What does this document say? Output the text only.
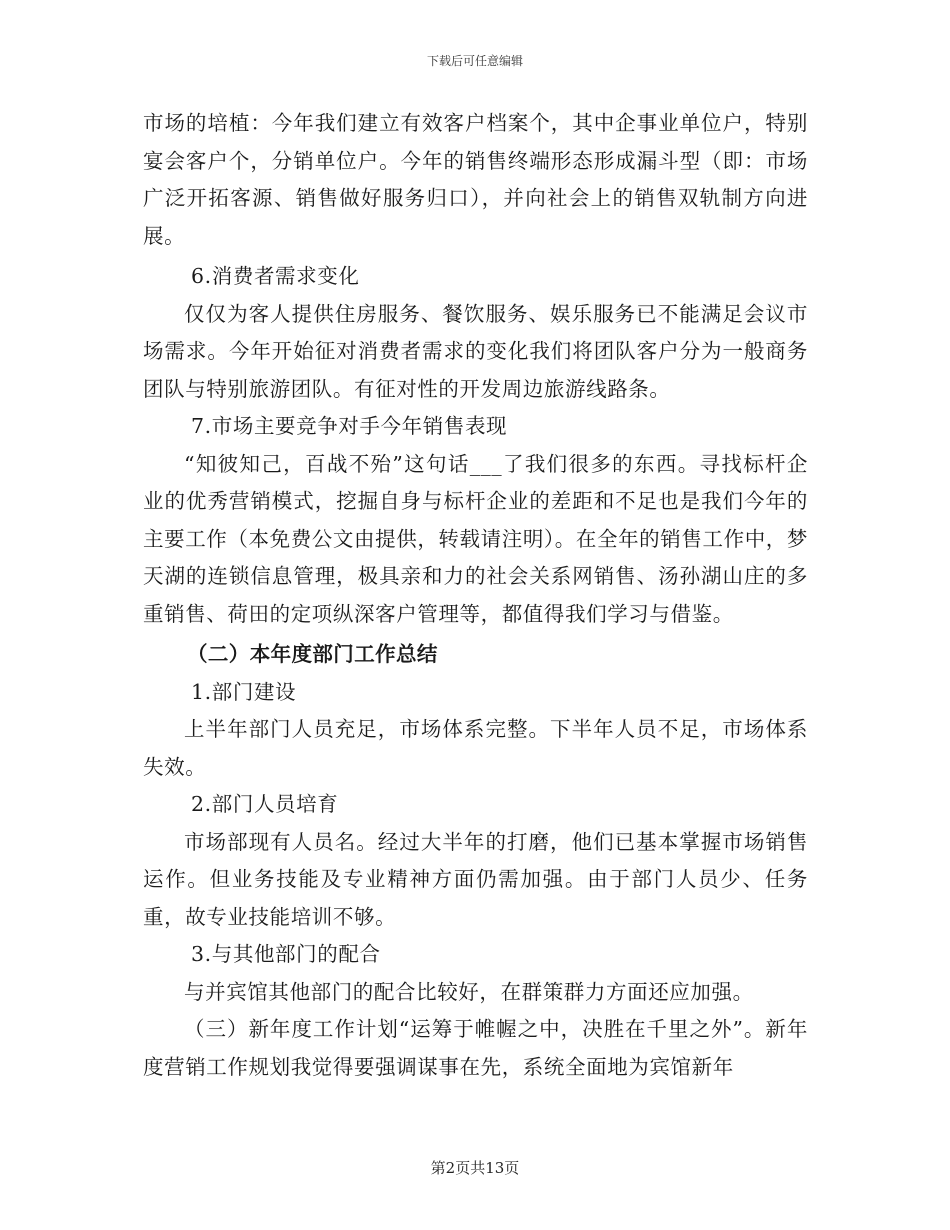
下载后可任意编辑

市场的培植：今年我们建立有效客户档案个，其中企事业单位户，特别宴会客户个，分销单位户。今年的销售终端形态形成漏斗型（即：市场广泛开拓客源、销售做好服务归口），并向社会上的销售双轨制方向进展。

6.消费者需求变化

仅仅为客人提供住房服务、餐饮服务、娱乐服务已不能满足会议市场需求。今年开始征对消费者需求的变化我们将团队客户分为一般商务团队与特别旅游团队。有征对性的开发周边旅游线路条。

7.市场主要竞争对手今年销售表现

“知彼知己，百战不殆”这句话___了我们很多的东西。寻找标杆企业的优秀营销模式，挖掘自身与标杆企业的差距和不足也是我们今年的主要工作（本免费公文由提供，转载请注明）。在全年的销售工作中，梦天湖的连锁信息管理，极具亲和力的社会关系网销售、汤孙湖山庄的多重销售、荷田的定项纵深客户管理等，都值得我们学习与借鉴。

（二）本年度部门工作总结

1.部门建设

上半年部门人员充足，市场体系完整。下半年人员不足，市场体系失效。

2.部门人员培育

市场部现有人员名。经过大半年的打磨，他们已基本掌握市场销售运作。但业务技能及专业精神方面仍需加强。由于部门人员少、任务重，故专业技能培训不够。

3.与其他部门的配合

与并宾馆其他部门的配合比较好，在群策群力方面还应加强。

（三）新年度工作计划“运筹于帷幄之中，决胜在千里之外”。新年度营销工作规划我觉得要强调谋事在先，系统全面地为宾馆新年

第2页共13页
